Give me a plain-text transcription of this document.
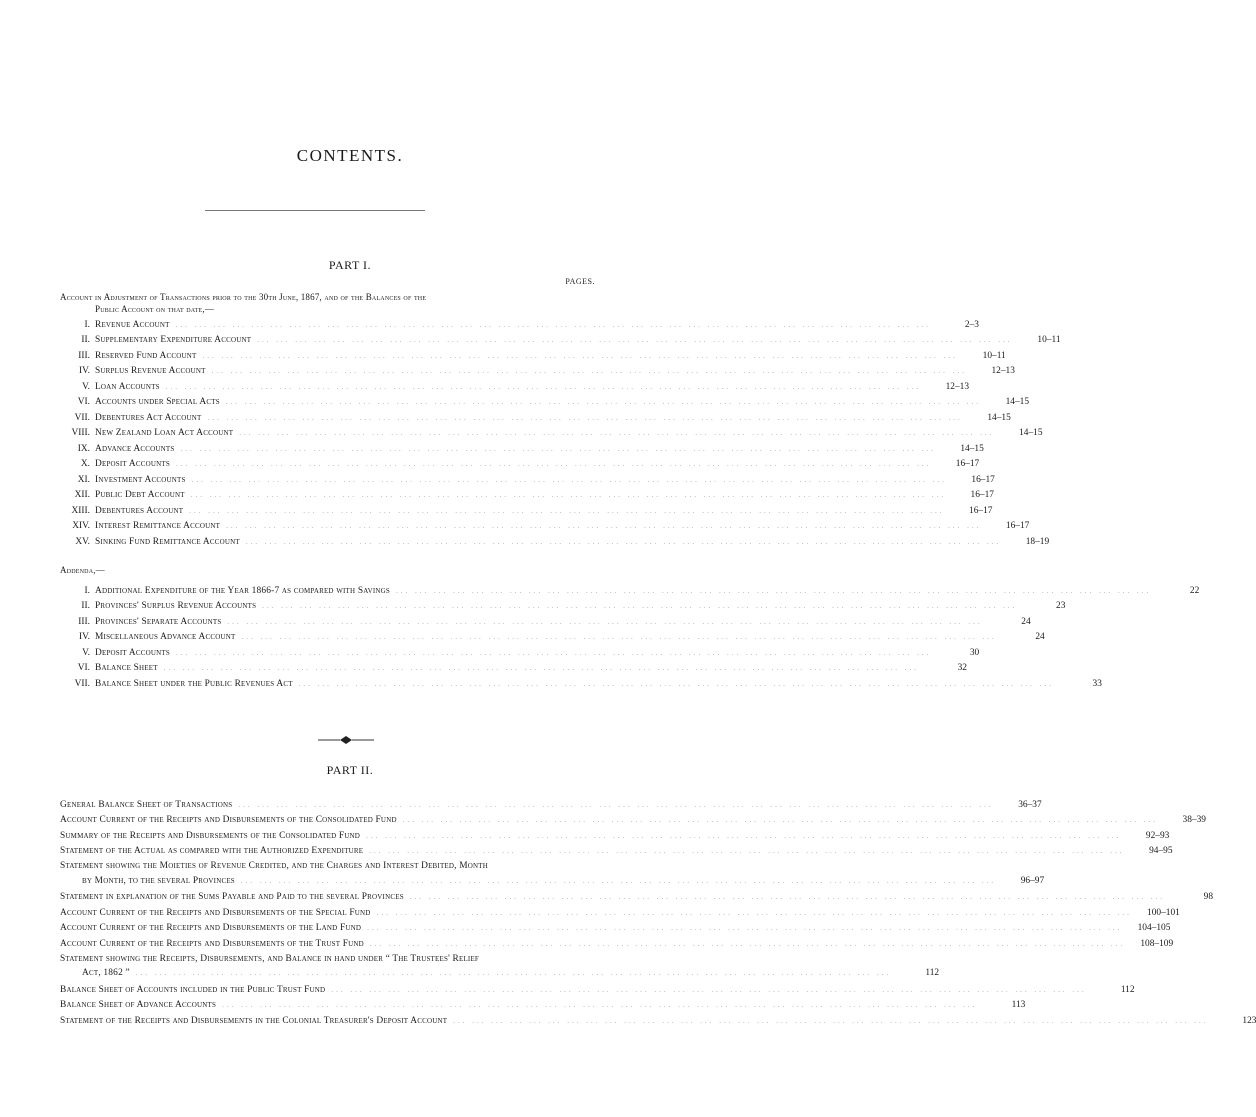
CONTENTS.
PART I.
PAGES.
Account in Adjustment of Transactions prior to the 30th June, 1867, and of the Balances of the
Public Account on that date,—
I. Revenue Account ... ... ... ... ... ... ... ... ... ... ... ... ... ... ... ... ... ... ... ... ... ... ... ... ... ... ... ... ... ... ... ... ... ... ... ... ... ... ... ...	2–3
II. Supplementary Expenditure Account ... ... ... ... ... ... ... ... ... ... ... ... ... ... ... ... ... ... ... ... ... ... ... ... ... ... ... ... ... ... ... ... ... ... ... ... ... ... ... ...	10–11
III. Reserved Fund Account ... ... ... ... ... ... ... ... ... ... ... ... ... ... ... ... ... ... ... ... ... ... ... ... ... ... ... ... ... ... ... ... ... ... ... ... ... ... ... ...	10–11
IV. Surplus Revenue Account ... ... ... ... ... ... ... ... ... ... ... ... ... ... ... ... ... ... ... ... ... ... ... ... ... ... ... ... ... ... ... ... ... ... ... ... ... ... ... ...	12–13
V. Loan Accounts ... ... ... ... ... ... ... ... ... ... ... ... ... ... ... ... ... ... ... ... ... ... ... ... ... ... ... ... ... ... ... ... ... ... ... ... ... ... ... ...	12–13
VI. Accounts under Special Acts ... ... ... ... ... ... ... ... ... ... ... ... ... ... ... ... ... ... ... ... ... ... ... ... ... ... ... ... ... ... ... ... ... ... ... ... ... ... ... ...	14–15
VII. Debentures Act Account ... ... ... ... ... ... ... ... ... ... ... ... ... ... ... ... ... ... ... ... ... ... ... ... ... ... ... ... ... ... ... ... ... ... ... ... ... ... ... ...	14–15
VIII. New Zealand Loan Act Account ... ... ... ... ... ... ... ... ... ... ... ... ... ... ... ... ... ... ... ... ... ... ... ... ... ... ... ... ... ... ... ... ... ... ... ... ... ... ... ...	14–15
IX. Advance Accounts ... ... ... ... ... ... ... ... ... ... ... ... ... ... ... ... ... ... ... ... ... ... ... ... ... ... ... ... ... ... ... ... ... ... ... ... ... ... ... ...	14–15
X. Deposit Accounts ... ... ... ... ... ... ... ... ... ... ... ... ... ... ... ... ... ... ... ... ... ... ... ... ... ... ... ... ... ... ... ... ... ... ... ... ... ... ... ...	16–17
XI. Investment Accounts ... ... ... ... ... ... ... ... ... ... ... ... ... ... ... ... ... ... ... ... ... ... ... ... ... ... ... ... ... ... ... ... ... ... ... ... ... ... ... ...	16–17
XII. Public Debt Account ... ... ... ... ... ... ... ... ... ... ... ... ... ... ... ... ... ... ... ... ... ... ... ... ... ... ... ... ... ... ... ... ... ... ... ... ... ... ... ...	16–17
XIII. Debentures Account ... ... ... ... ... ... ... ... ... ... ... ... ... ... ... ... ... ... ... ... ... ... ... ... ... ... ... ... ... ... ... ... ... ... ... ... ... ... ... ...	16–17
XIV. Interest Remittance Account ... ... ... ... ... ... ... ... ... ... ... ... ... ... ... ... ... ... ... ... ... ... ... ... ... ... ... ... ... ... ... ... ... ... ... ... ... ... ... ...	16–17
XV. Sinking Fund Remittance Account ... ... ... ... ... ... ... ... ... ... ... ... ... ... ... ... ... ... ... ... ... ... ... ... ... ... ... ... ... ... ... ... ... ... ... ... ... ... ... ...	18–19
Addenda,—
I. Additional Expenditure of the Year 1866-7 as compared with Savings ... ... ... ... ... ... ... ... ... ... ... ... ... ... ... ... ... ... ... ... ... ... ... ... ... ... ... ... ... ... ... ... ... ... ... ... ... ... ... ...	22
II. Provinces' Surplus Revenue Accounts ... ... ... ... ... ... ... ... ... ... ... ... ... ... ... ... ... ... ... ... ... ... ... ... ... ... ... ... ... ... ... ... ... ... ... ... ... ... ... ...	23
III. Provinces' Separate Accounts ... ... ... ... ... ... ... ... ... ... ... ... ... ... ... ... ... ... ... ... ... ... ... ... ... ... ... ... ... ... ... ... ... ... ... ... ... ... ... ...	24
IV. Miscellaneous Advance Account ... ... ... ... ... ... ... ... ... ... ... ... ... ... ... ... ... ... ... ... ... ... ... ... ... ... ... ... ... ... ... ... ... ... ... ... ... ... ... ...	24
V. Deposit Accounts ... ... ... ... ... ... ... ... ... ... ... ... ... ... ... ... ... ... ... ... ... ... ... ... ... ... ... ... ... ... ... ... ... ... ... ... ... ... ... ...	30
VI. Balance Sheet ... ... ... ... ... ... ... ... ... ... ... ... ... ... ... ... ... ... ... ... ... ... ... ... ... ... ... ... ... ... ... ... ... ... ... ... ... ... ... ...	32
VII. Balance Sheet under the Public Revenues Act ... ... ... ... ... ... ... ... ... ... ... ... ... ... ... ... ... ... ... ... ... ... ... ... ... ... ... ... ... ... ... ... ... ... ... ... ... ... ... ...	33
PART II.
General Balance Sheet of Transactions ... ... ... ... ... ... ... ... ... ... ... ... ... ... ... ... ... ... ... ... ... ... ... ... ... ... ... ... ... ... ... ... ... ... ... ... ... ... ... ...	36–37
Account Current of the Receipts and Disbursements of the Consolidated Fund ... ... ... ... ... ... ... ... ... ... ... ... ... ... ... ... ... ... ... ... ... ... ... ... ... ... ... ... ... ... ... ... ... ... ... ... ... ... ... ...	38–39
Summary of the Receipts and Disbursements of the Consolidated Fund ... ... ... ... ... ... ... ... ... ... ... ... ... ... ... ... ... ... ... ... ... ... ... ... ... ... ... ... ... ... ... ... ... ... ... ... ... ... ... ...	92–93
Statement of the Actual as compared with the Authorized Expenditure ... ... ... ... ... ... ... ... ... ... ... ... ... ... ... ... ... ... ... ... ... ... ... ... ... ... ... ... ... ... ... ... ... ... ... ... ... ... ... ...	94–95
Statement showing the Moieties of Revenue Credited, and the Charges and Interest Debited, Month
by Month, to the several Provinces ... ... ... ... ... ... ... ... ... ... ... ... ... ... ... ... ... ... ... ... ... ... ... ... ... ... ... ... ... ... ... ... ... ... ... ... ... ... ... ...	96–97
Statement in explanation of the Sums Payable and Paid to the several Provinces ... ... ... ... ... ... ... ... ... ... ... ... ... ... ... ... ... ... ... ... ... ... ... ... ... ... ... ... ... ... ... ... ... ... ... ... ... ... ... ...	98
Account Current of the Receipts and Disbursements of the Special Fund ... ... ... ... ... ... ... ... ... ... ... ... ... ... ... ... ... ... ... ... ... ... ... ... ... ... ... ... ... ... ... ... ... ... ... ... ... ... ... ...	100–101
Account Current of the Receipts and Disbursements of the Land Fund ... ... ... ... ... ... ... ... ... ... ... ... ... ... ... ... ... ... ... ... ... ... ... ... ... ... ... ... ... ... ... ... ... ... ... ... ... ... ... ...	104–105
Account Current of the Receipts and Disbursements of the Trust Fund ... ... ... ... ... ... ... ... ... ... ... ... ... ... ... ... ... ... ... ... ... ... ... ... ... ... ... ... ... ... ... ... ... ... ... ... ... ... ... ...	108–109
Statement showing the Receipts, Disbursements, and Balance in hand under “ The Trustees' Relief
Act, 1862 ” ... ... ... ... ... ... ... ... ... ... ... ... ... ... ... ... ... ... ... ... ... ... ... ... ... ... ... ... ... ... ... ... ... ... ... ... ... ... ... ...	112
Balance Sheet of Accounts included in the Public Trust Fund ... ... ... ... ... ... ... ... ... ... ... ... ... ... ... ... ... ... ... ... ... ... ... ... ... ... ... ... ... ... ... ... ... ... ... ... ... ... ... ...	112
Balance Sheet of Advance Accounts ... ... ... ... ... ... ... ... ... ... ... ... ... ... ... ... ... ... ... ... ... ... ... ... ... ... ... ... ... ... ... ... ... ... ... ... ... ... ... ...	113
Statement of the Receipts and Disbursements in the Colonial Treasurer's Deposit Account ... ... ... ... ... ... ... ... ... ... ... ... ... ... ... ... ... ... ... ... ... ... ... ... ... ... ... ... ... ... ... ... ... ... ... ... ... ... ... ...	123
